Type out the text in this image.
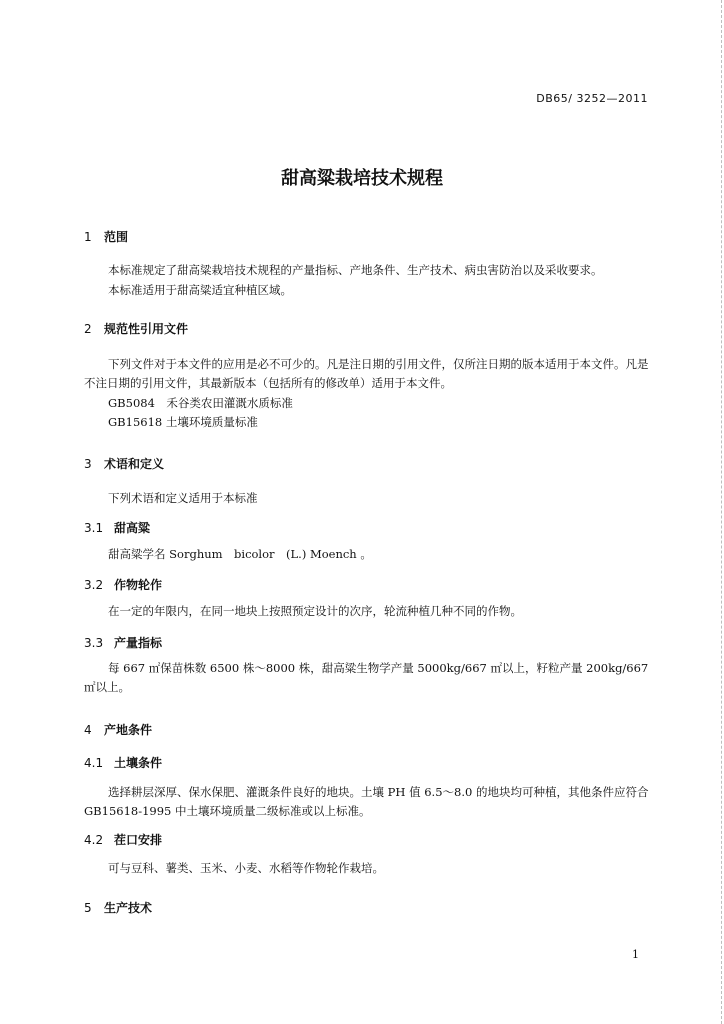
DB65/ 3252—2011
甜高粱栽培技术规程
1 范围
本标准规定了甜高粱栽培技术规程的产量指标、产地条件、生产技术、病虫害防治以及采收要求。
本标准适用于甜高粱适宜种植区域。
2 规范性引用文件
下列文件对于本文件的应用是必不可少的。凡是注日期的引用文件，仅所注日期的版本适用于本文件。凡是不注日期的引用文件，其最新版本（包括所有的修改单）适用于本文件。
GB5084　禾谷类农田灌溉水质标准
GB15618 土壤环境质量标准
3 术语和定义
下列术语和定义适用于本标准
3.1 甜高粱
甜高粱学名 Sorghum　bicolor　(L.) Moench 。
3.2 作物轮作
在一定的年限内，在同一地块上按照预定设计的次序，轮流种植几种不同的作物。
3.3 产量指标
每 667 ㎡保苗株数 6500 株～8000 株，甜高粱生物学产量 5000kg/667 ㎡以上，籽粒产量 200kg/667 ㎡以上。
4 产地条件
4.1 土壤条件
选择耕层深厚、保水保肥、灌溉条件良好的地块。土壤 PH 值 6.5～8.0 的地块均可种植，其他条件应符合 GB15618-1995 中土壤环境质量二级标准或以上标准。
4.2 茬口安排
可与豆科、薯类、玉米、小麦、水稻等作物轮作栽培。
5 生产技术
1
